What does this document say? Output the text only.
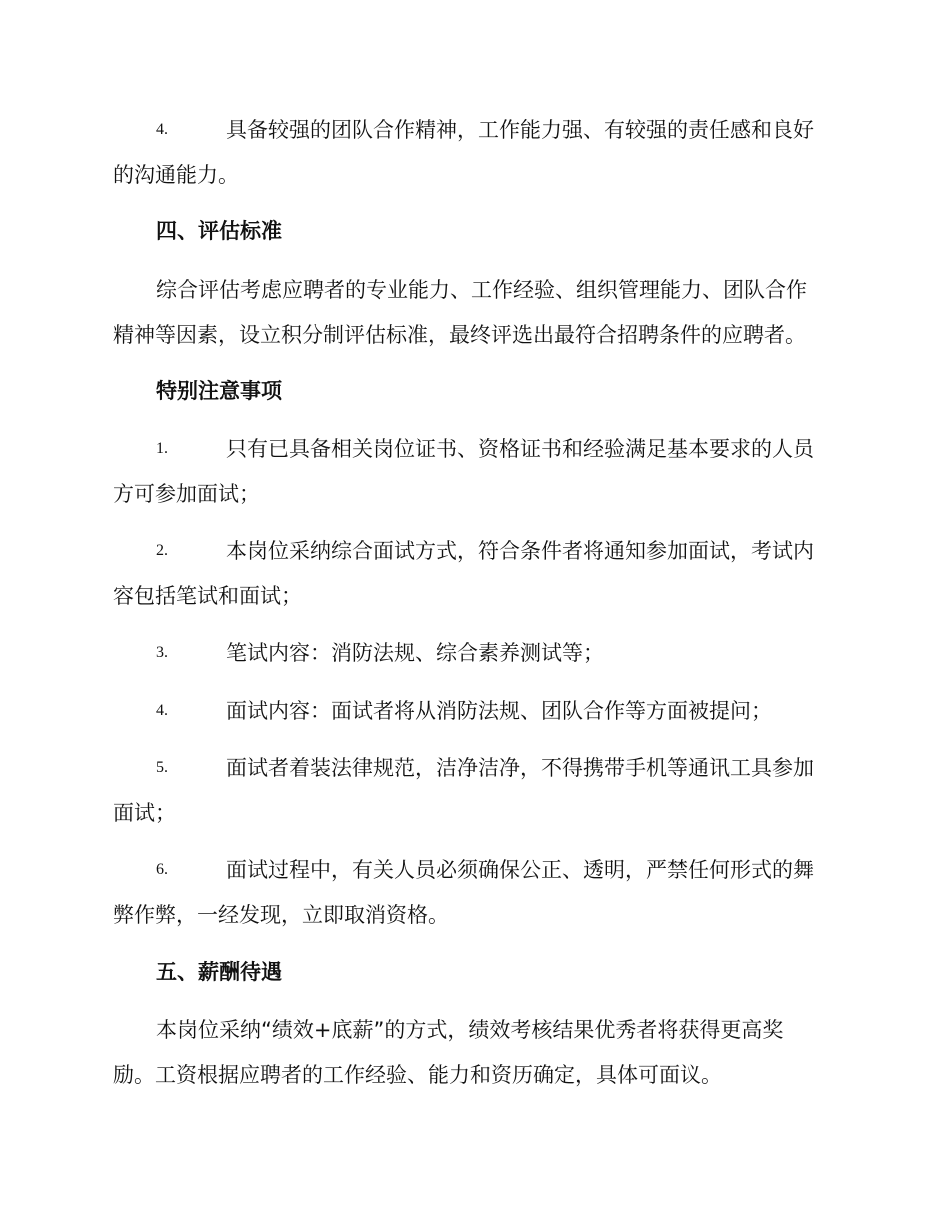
4.	具备较强的团队合作精神，工作能力强、有较强的责任感和良好
的沟通能力。
四、评估标准
综合评估考虑应聘者的专业能力、工作经验、组织管理能力、团队合作
精神等因素，设立积分制评估标准，最终评选出最符合招聘条件的应聘者。
特别注意事项
1.	只有已具备相关岗位证书、资格证书和经验满足基本要求的人员
方可参加面试；
2.	本岗位采纳综合面试方式，符合条件者将通知参加面试，考试内
容包括笔试和面试；
3.	笔试内容：消防法规、综合素养测试等；
4.	面试内容：面试者将从消防法规、团队合作等方面被提问；
5.	面试者着装法律规范，洁净洁净，不得携带手机等通讯工具参加
面试；
6.	面试过程中，有关人员必须确保公正、透明，严禁任何形式的舞
弊作弊，一经发现，立即取消资格。
五、薪酬待遇
本岗位采纳“绩效+底薪”的方式，绩效考核结果优秀者将获得更高奖
励。工资根据应聘者的工作经验、能力和资历确定，具体可面议。
